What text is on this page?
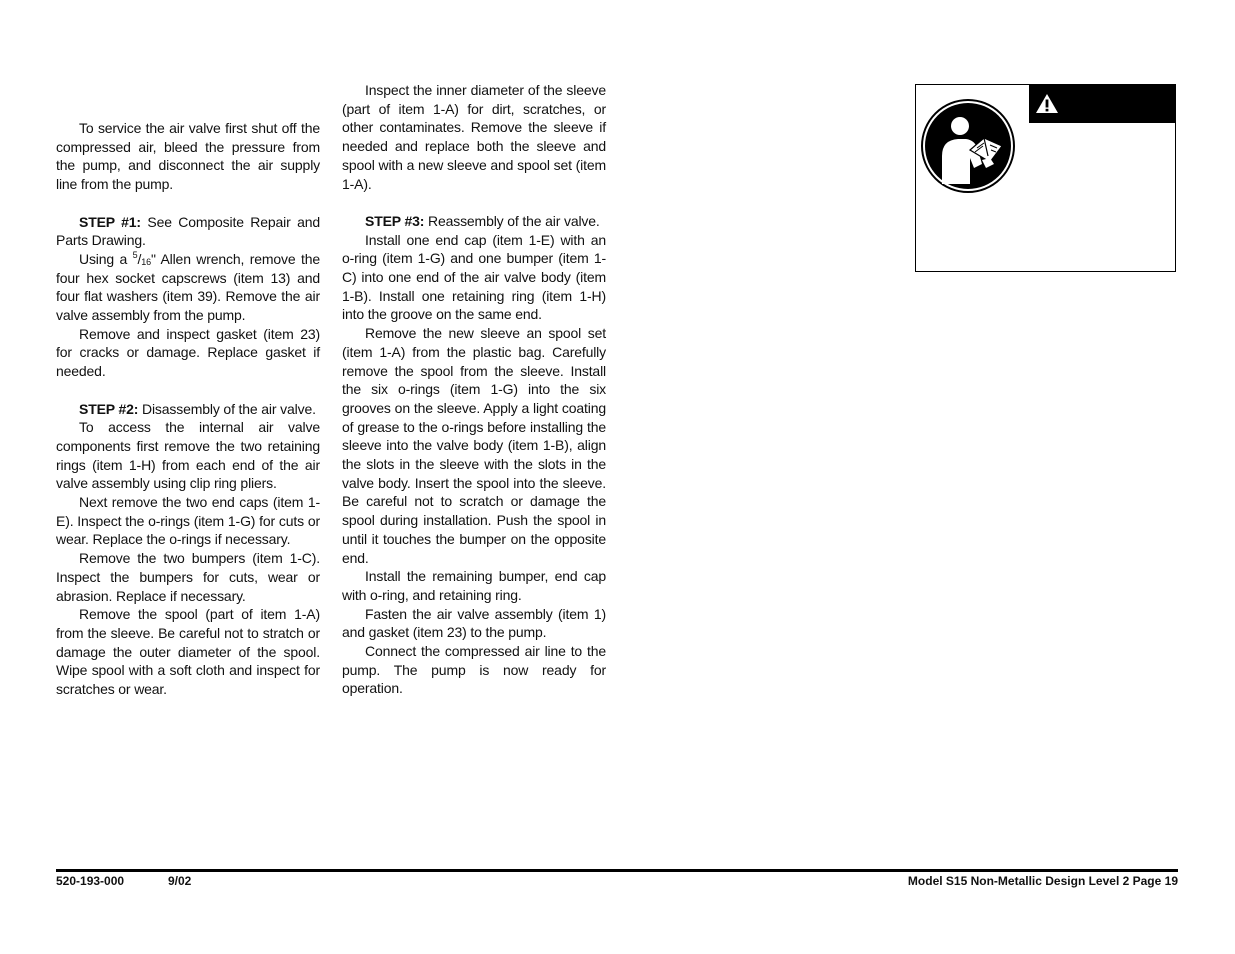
To service the air valve first shut off the compressed air, bleed the pressure from the pump, and disconnect the air supply line from the pump.

STEP #1: See Composite Repair and Parts Drawing.

Using a $^5/_{16}$" Allen wrench, remove the four hex socket capscrews (item 13) and four flat washers (item 39). Remove the air valve assembly from the pump.

Remove and inspect gasket (item 23) for cracks or damage. Replace gasket if needed.

STEP #2: Disassembly of the air valve.

To access the internal air valve components first remove the two retaining rings (item 1-H) from each end of the air valve assembly using clip ring pliers.

Next remove the two end caps (item 1-E). Inspect the o-rings (item 1-G) for cuts or wear. Replace the o-rings if necessary.

Remove the two bumpers (item 1-C). Inspect the bumpers for cuts, wear or abrasion. Replace if necessary.

Remove the spool (part of item 1-A) from the sleeve. Be careful not to stratch or damage the outer diameter of the spool. Wipe spool with a soft cloth and inspect for scratches or wear.

Inspect the inner diameter of the sleeve (part of item 1-A) for dirt, scratches, or other contaminates. Remove the sleeve if needed and replace both the sleeve and spool with a new sleeve and spool set (item 1-A).

STEP #3: Reassembly of the air valve.

Install one end cap (item 1-E) with an o-ring (item 1-G) and one bumper (item 1-C) into one end of the air valve body (item 1-B). Install one retaining ring (item 1-H) into the groove on the same end.

Remove the new sleeve an spool set (item 1-A) from the plastic bag. Carefully remove the spool from the sleeve. Install the six o-rings (item 1-G) into the six grooves on the sleeve. Apply a light coating of grease to the o-rings before installing the sleeve into the valve body (item 1-B), align the slots in the sleeve with the slots in the valve body. Insert the spool into the sleeve. Be careful not to scratch or damage the spool during installation. Push the spool in until it touches the bumper on the opposite end.

Install the remaining bumper, end cap with o-ring, and retaining ring.

Fasten the air valve assembly (item 1) and gasket (item 23) to the pump.

Connect the compressed air line to the pump. The pump is now ready for operation.

520-193-000	9/02	Model S15 Non-Metallic Design Level 2 Page 19
